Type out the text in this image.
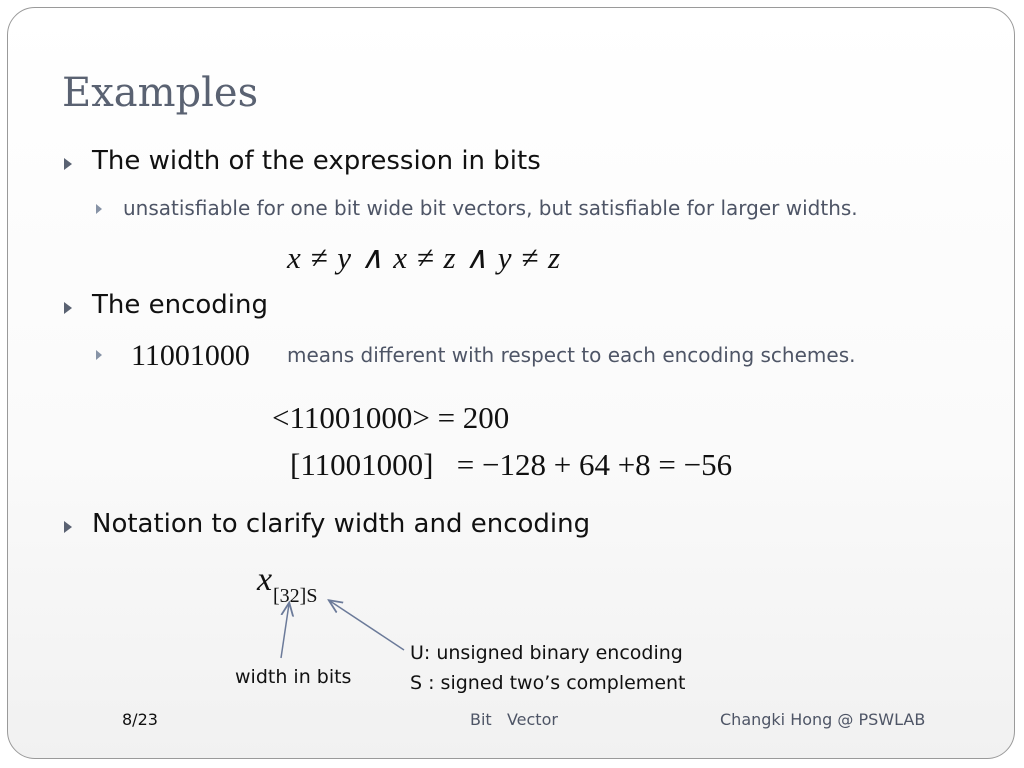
Examples
The width of the expression in bits
unsatisfiable for one bit wide bit vectors, but satisfiable for larger widths.
x ≠ y ∧ x ≠ z ∧ y ≠ z
The encoding
11001000 means different with respect to each encoding schemes.
<11001000> = 200
[11001000]   = −128 + 64 +8 = −56
Notation to clarify width and encoding
x [32]S
width in bits
U: unsigned binary encoding
S : signed two’s complement
8/23	Bit   Vector	Changki Hong @ PSWLAB
